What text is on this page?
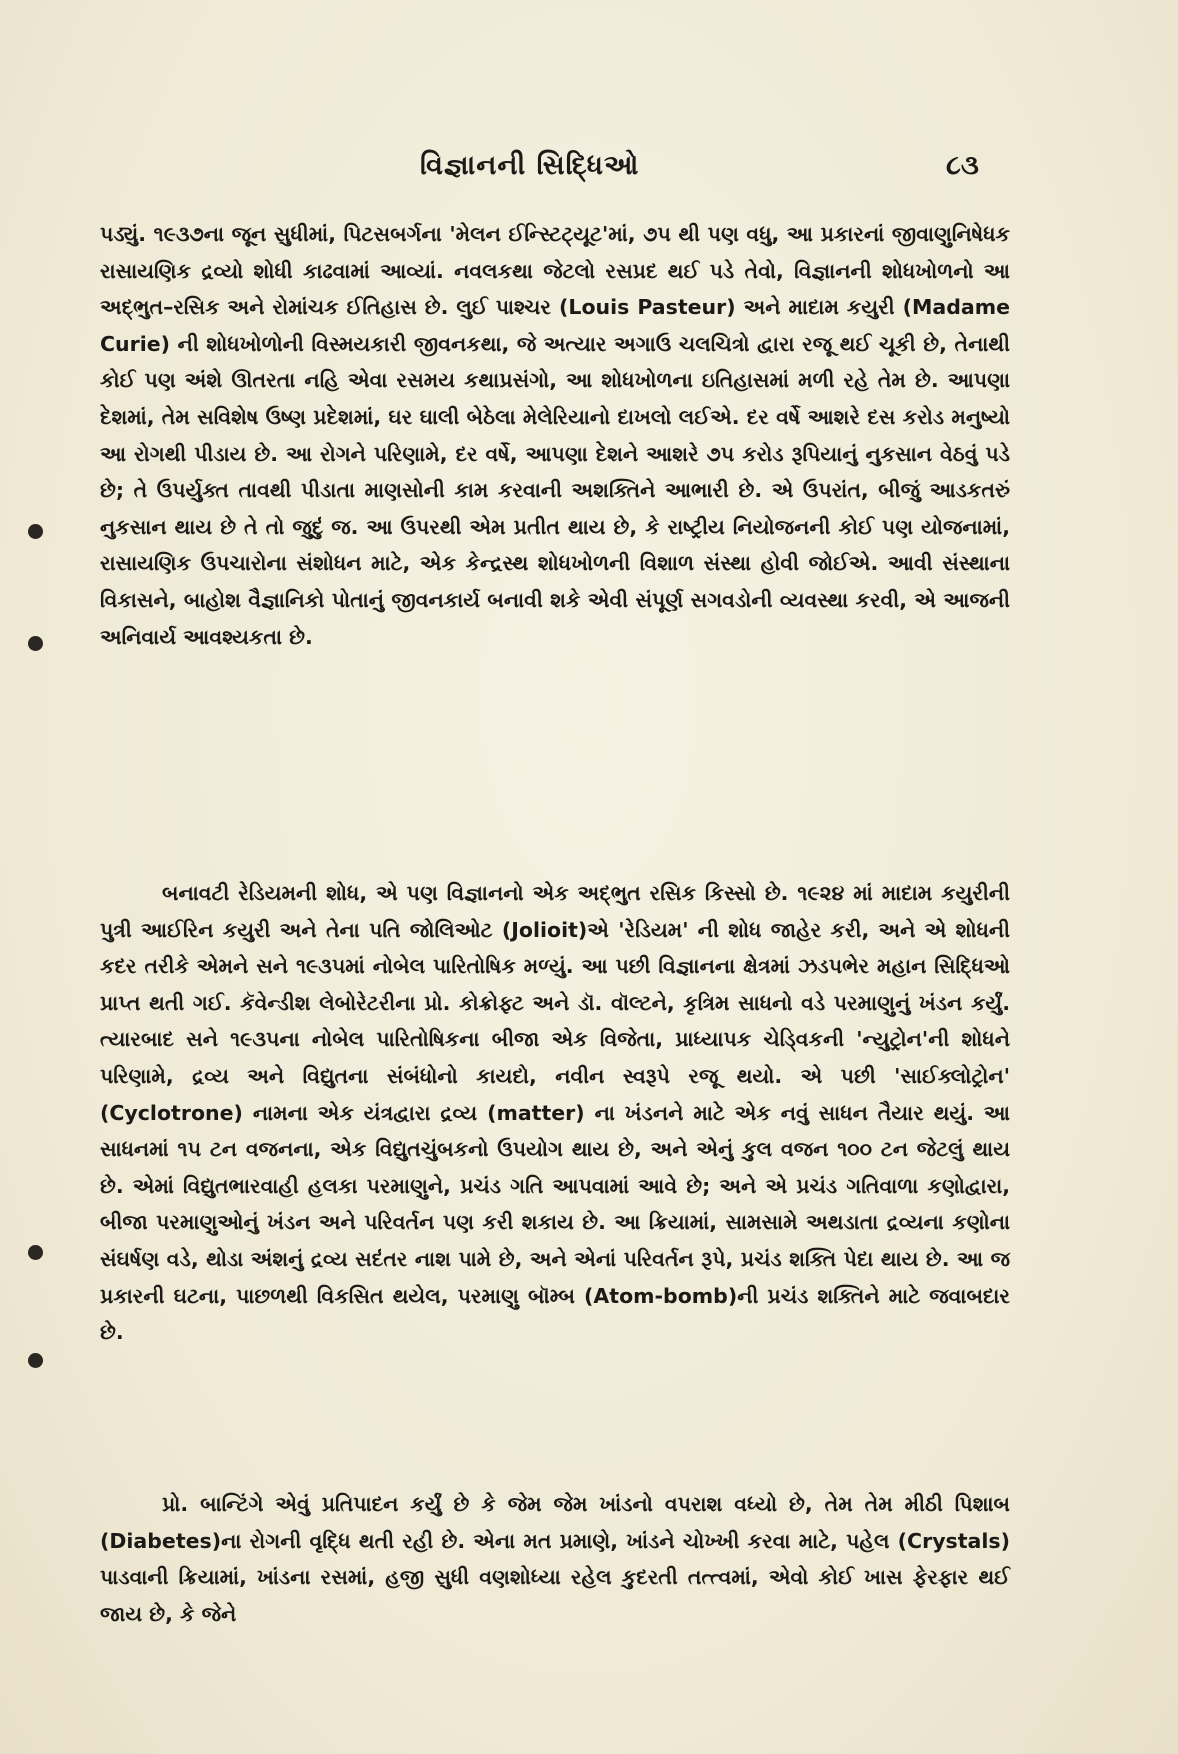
વિજ્ઞાનની સિદ્ધિઓ	૮૩

પડ્યું. ૧૯૩૭ના જૂન સુધીમાં, પિટસબર્ગના 'મેલન ઈન્સ્ટિટ્યૂટ'માં, ૭૫ થી પણ વધુ, આ પ્રકારનાં જીવાણુનિષેધક રાસાયણિક દ્રવ્યો શોધી કાઢવામાં આવ્યાં. નવલકથા જેટલો રસપ્રદ થઈ પડે તેવો, વિજ્ઞાનની શોધખોળનો આ અદ્ભુત–રસિક અને રોમાંચક ઈતિહાસ છે. લુઈ પાશ્ચર (Louis Pasteur) અને માદામ કયુરી (Madame Curie) ની શોધખોળોની વિસ્મયકારી જીવનકથા, જે અત્યાર અગાઉ ચલચિત્રો દ્વારા રજૂ થઈ ચૂકી છે, તેનાથી કોઈ પણ અંશે ઊતરતા નહિ એવા રસમય કથાપ્રસંગો, આ શોધખોળના ઇતિહાસમાં મળી રહે તેમ છે. આપણા દેશમાં, તેમ સવિશેષ ઉષ્ણ પ્રદેશમાં, ઘર ઘાલી બેઠેલા મેલેરિયાનો દાખલો લઈએ. દર વર્ષે આશરે દસ કરોડ મનુષ્યો આ રોગથી પીડાય છે. આ રોગને પરિણામે, દર વર્ષે, આપણા દેશને આશરે ૭૫ કરોડ રૂપિયાનું નુકસાન વેઠવું પડે છે; તે ઉપર્યુક્ત તાવથી પીડાતા માણસોની કામ કરવાની અશક્તિને આભારી છે. એ ઉપરાંત, બીજું આડકતરું નુકસાન થાય છે તે તો જુદું જ. આ ઉપરથી એમ પ્રતીત થાય છે, કે રાષ્ટ્રીય નિયોજનની કોઈ પણ યોજનામાં, રાસાયણિક ઉપચારોના સંશોધન માટે, એક કેન્દ્રસ્થ શોધખોળની વિશાળ સંસ્થા હોવી જોઈએ. આવી સંસ્થાના વિકાસને, બાહોશ વૈજ્ઞાનિકો પોતાનું જીવનકાર્ય બનાવી શકે એવી સંપૂર્ણ સગવડોની વ્યવસ્થા કરવી, એ આજની અનિવાર્ય આવશ્યકતા છે.

બનાવટી રેડિયમની શોધ, એ પણ વિજ્ઞાનનો એક અદ્ભુત રસિક કિસ્સો છે. ૧૯૨૪ માં માદામ કયુરીની પુત્રી આઈરિન કયુરી અને તેના પતિ જોલિઓટ (Jolioit)એ 'રેડિયમ' ની શોધ જાહેર કરી, અને એ શોધની કદર તરીકે એમને સને ૧૯૩૫માં નોબેલ પારિતોષિક મળ્યું. આ પછી વિજ્ઞાનના ક્ષેત્રમાં ઝડપભેર મહાન સિદ્ધિઓ પ્રાપ્ત થતી ગઈ. કૅવેન્ડીશ લેબોરેટરીના પ્રો. કોક્રોફ્ટ અને ડૉ. વૉલ્ટને, કૃત્રિમ સાધનો વડે પરમાણુનું ખંડન કર્યું. ત્યારબાદ સને ૧૯૩૫ના નોબેલ પારિતોષિકના બીજા એક વિજેતા, પ્રાધ્યાપક ચેડ્વિકની 'ન્યુટ્રોન'ની શોધને પરિણામે, દ્રવ્ય અને વિદ્યુતના સંબંધોનો કાયદો, નવીન સ્વરૂપે રજૂ થયો. એ પછી 'સાઈક્લોટ્રોન' (Cyclotrone) નામના એક યંત્રદ્વારા દ્રવ્ય (matter) ના ખંડનને માટે એક નવું સાધન તૈયાર થયું. આ સાધનમાં ૧૫ ટન વજનના, એક વિદ્યુતચુંબકનો ઉપયોગ થાય છે, અને એનું કુલ વજન ૧૦૦ ટન જેટલું થાય છે. એમાં વિદ્યુતભારવાહી હલકા પરમાણુને, પ્રચંડ ગતિ આપવામાં આવે છે; અને એ પ્રચંડ ગતિવાળા કણોદ્વારા, બીજા પરમાણુઓનું ખંડન અને પરિવર્તન પણ કરી શકાય છે. આ ક્રિયામાં, સામસામે અથડાતા દ્રવ્યના કણોના સંઘર્ષણ વડે, થોડા અંશનું દ્રવ્ય સદંતર નાશ પામે છે, અને એનાં પરિવર્તન રૂપે, પ્રચંડ શક્તિ પેદા થાય છે. આ જ પ્રકારની ઘટના, પાછળથી વિકસિત થયેલ, પરમાણુ બૉમ્બ (Atom-bomb)ની પ્રચંડ શક્તિને માટે જવાબદાર છે.

પ્રો. બાન્ટિંગે એવું પ્રતિપાદન કર્યું છે કે જેમ જેમ ખાંડનો વપરાશ વધ્યો છે, તેમ તેમ મીઠી પિશાબ (Diabetes)ના રોગની વૃદ્ધિ થતી રહી છે. એના મત પ્રમાણે, ખાંડને ચોખ્ખી કરવા માટે, પહેલ (Crystals) પાડવાની ક્રિયામાં, ખાંડના રસમાં, હજી સુધી વણશોધ્યા રહેલ કુદરતી તત્ત્વમાં, એવો કોઈ ખાસ ફેરફાર થઈ જાય છે, કે જેને
